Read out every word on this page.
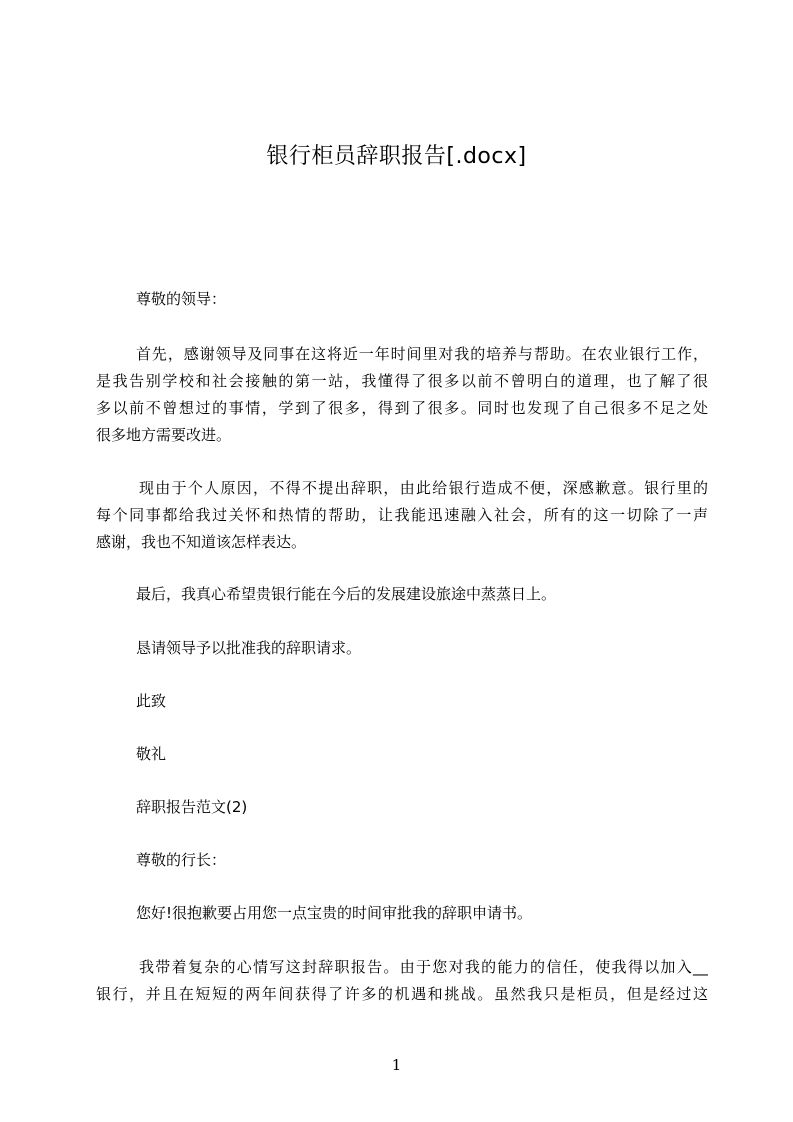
银行柜员辞职报告[.docx]

尊敬的领导：

首先，感谢领导及同事在这将近一年时间里对我的培养与帮助。在农业银行工作，
是我告别学校和社会接触的第一站，我懂得了很多以前不曾明白的道理，也了解了很
多以前不曾想过的事情，学到了很多，得到了很多。同时也发现了自己很多不足之处
很多地方需要改进。

现由于个人原因，不得不提出辞职，由此给银行造成不便，深感歉意。银行里的
每个同事都给我过关怀和热情的帮助，让我能迅速融入社会，所有的这一切除了一声
感谢，我也不知道该怎样表达。

最后，我真心希望贵银行能在今后的发展建设旅途中蒸蒸日上。

恳请领导予以批准我的辞职请求。

此致

敬礼

辞职报告范文(2)

尊敬的行长：

您好!很抱歉要占用您一点宝贵的时间审批我的辞职申请书。

我带着复杂的心情写这封辞职报告。由于您对我的能力的信任，使我得以加入__
银行，并且在短短的两年间获得了许多的机遇和挑战。虽然我只是柜员，但是经过这

1
